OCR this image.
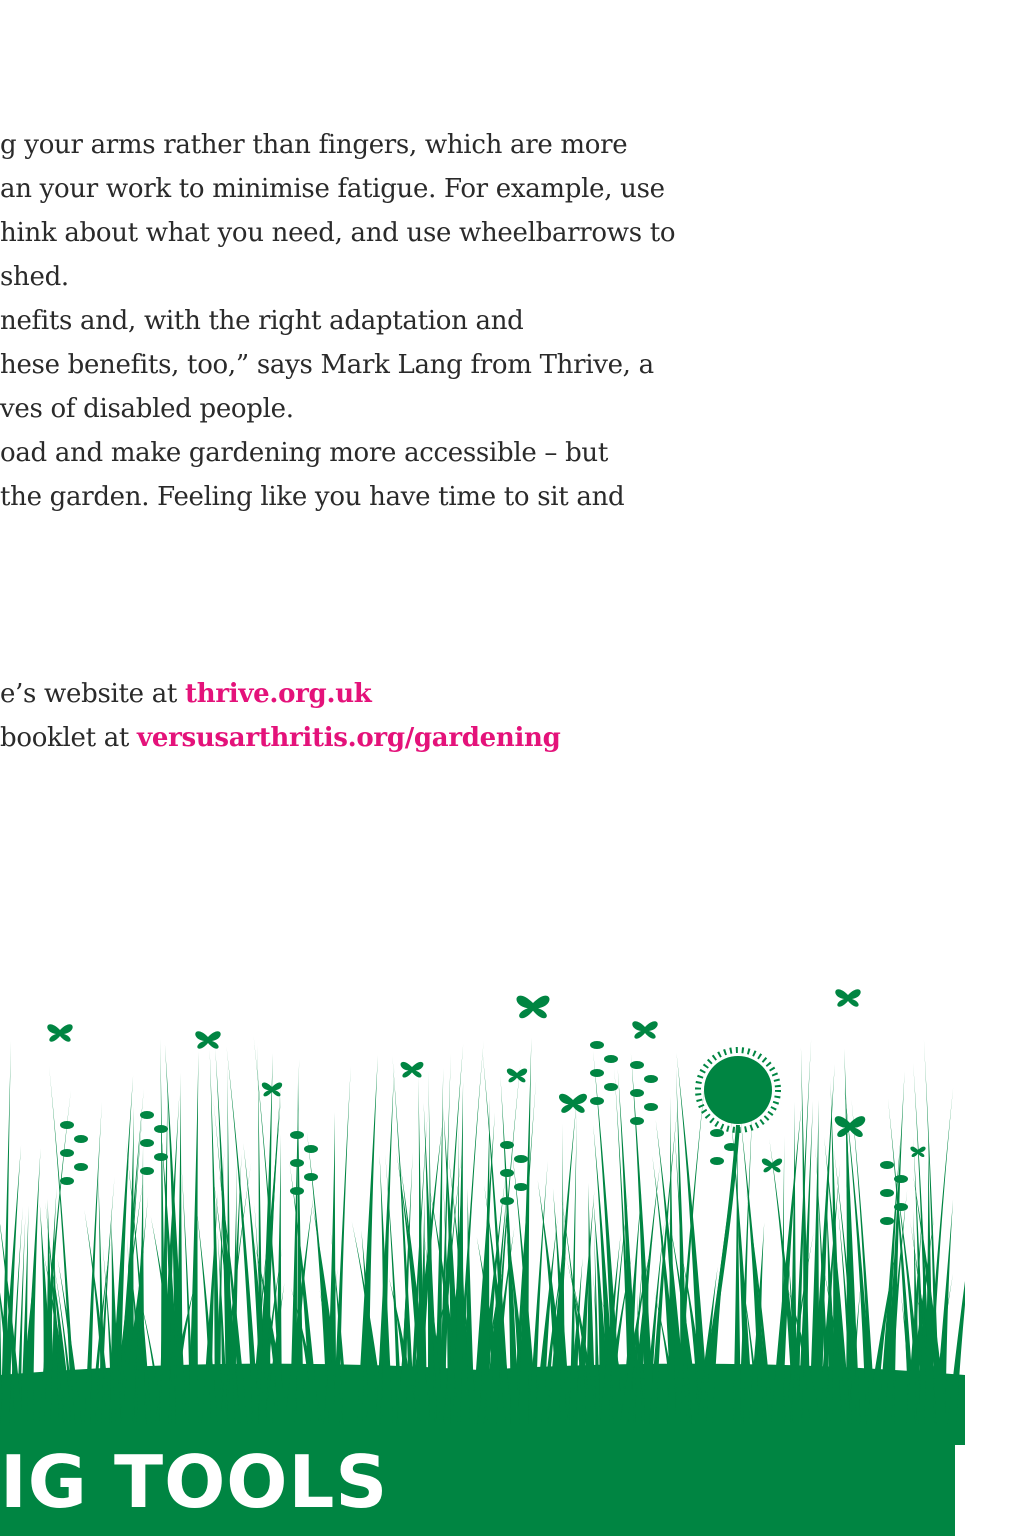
g your arms rather than fingers, which are more
an your work to minimise fatigue. For example, use
hink about what you need, and use wheelbarrows to
shed.
nefits and, with the right adaptation and
hese benefits, too,” says Mark Lang from Thrive, a
ves of disabled people.
oad and make gardening more accessible – but
the garden. Feeling like you have time to sit and
e’s website at thrive.org.uk
booklet at versusarthritis.org/gardening
IG TOOLS
